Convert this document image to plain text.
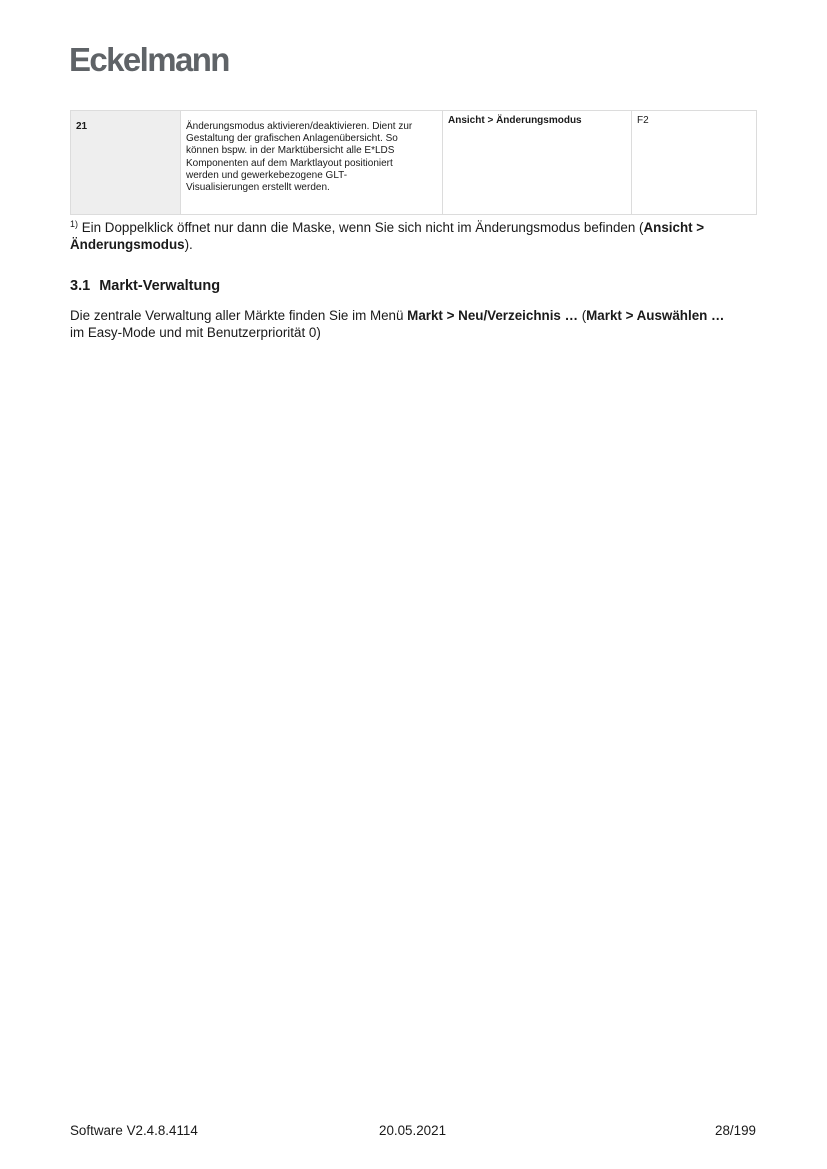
Eckelmann
21	Änderungsmodus aktivieren/deaktivieren. Dient zur
Gestaltung der grafischen Anlagenübersicht. So
können bspw. in der Marktübersicht alle E*LDS
Komponenten auf dem Marktlayout positioniert
werden und gewerkebezogene GLT-
Visualisierungen erstellt werden.	Ansicht > Änderungsmodus	F2
$^{1)}$ Ein Doppelklick öffnet nur dann die Maske, wenn Sie sich nicht im Änderungsmodus befinden (Ansicht >
Änderungsmodus).
3.1 Markt-Verwaltung
Die zentrale Verwaltung aller Märkte finden Sie im Menü Markt > Neu/Verzeichnis … (Markt > Auswählen …
im Easy-Mode und mit Benutzerpriorität 0)
Software V2.4.8.4114	20.05.2021	28/199
